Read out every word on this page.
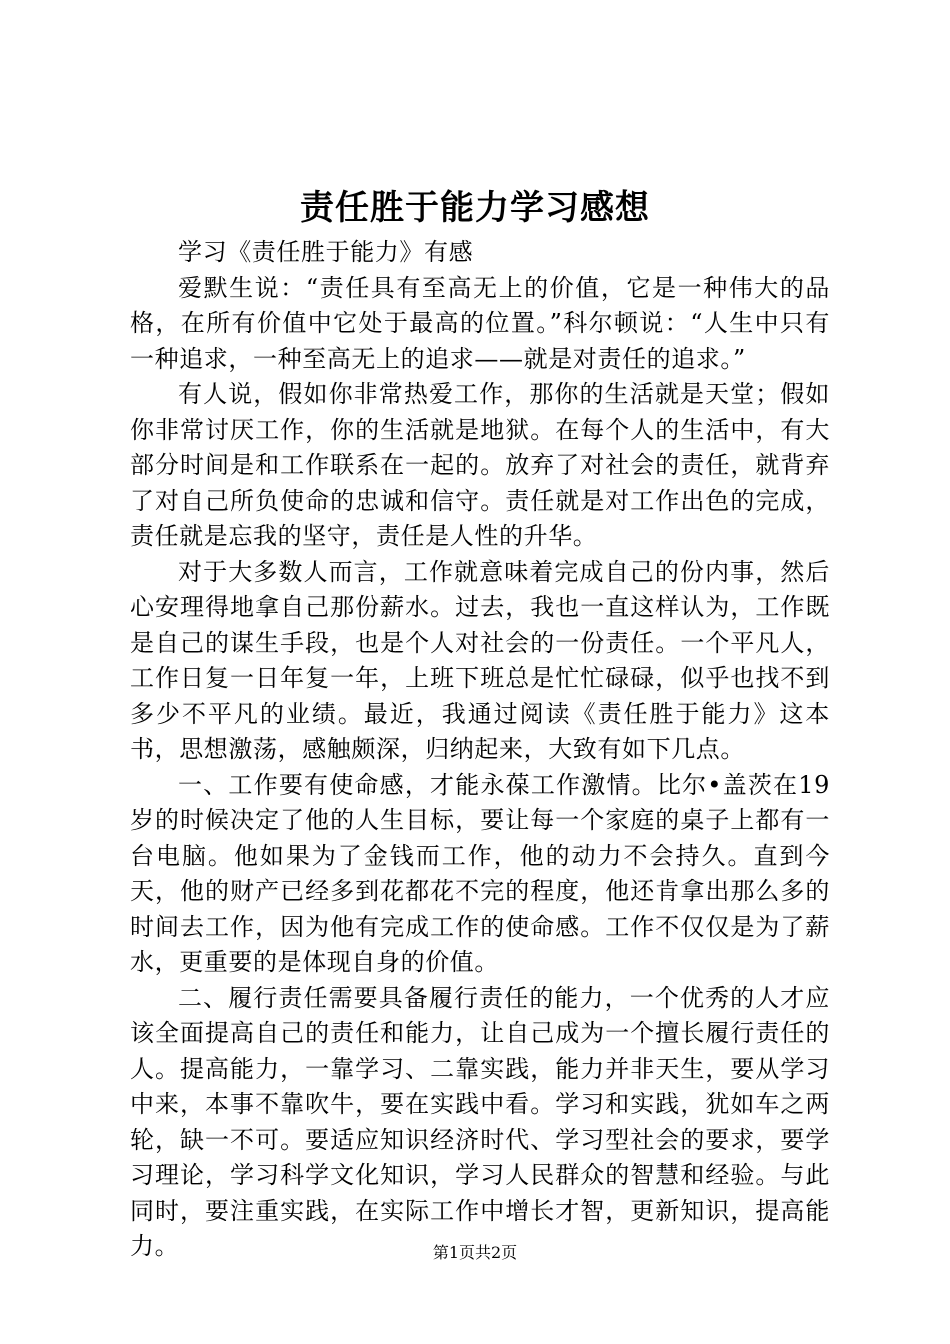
责任胜于能力学习感想

学习《责任胜于能力》有感

爱默生说：“责任具有至高无上的价值，它是一种伟大的品格，在所有价值中它处于最高的位置。”科尔顿说：“人生中只有一种追求，一种至高无上的追求——就是对责任的追求。”

有人说，假如你非常热爱工作，那你的生活就是天堂；假如你非常讨厌工作，你的生活就是地狱。在每个人的生活中，有大部分时间是和工作联系在一起的。放弃了对社会的责任，就背弃了对自己所负使命的忠诚和信守。责任就是对工作出色的完成，责任就是忘我的坚守，责任是人性的升华。

对于大多数人而言，工作就意味着完成自己的份内事，然后心安理得地拿自己那份薪水。过去，我也一直这样认为，工作既是自己的谋生手段，也是个人对社会的一份责任。一个平凡人，工作日复一日年复一年，上班下班总是忙忙碌碌，似乎也找不到多少不平凡的业绩。最近，我通过阅读《责任胜于能力》这本书，思想激荡，感触颇深，归纳起来，大致有如下几点。

一、工作要有使命感，才能永葆工作激情。比尔•盖茨在19岁的时候决定了他的人生目标，要让每一个家庭的桌子上都有一台电脑。他如果为了金钱而工作，他的动力不会持久。直到今天，他的财产已经多到花都花不完的程度，他还肯拿出那么多的时间去工作，因为他有完成工作的使命感。工作不仅仅是为了薪水，更重要的是体现自身的价值。

二、履行责任需要具备履行责任的能力，一个优秀的人才应该全面提高自己的责任和能力，让自己成为一个擅长履行责任的人。提高能力，一靠学习、二靠实践，能力并非天生，要从学习中来，本事不靠吹牛，要在实践中看。学习和实践，犹如车之两轮，缺一不可。要适应知识经济时代、学习型社会的要求，要学习理论，学习科学文化知识，学习人民群众的智慧和经验。与此同时，要注重实践，在实际工作中增长才智，更新知识，提高能力。	第1页共2页
